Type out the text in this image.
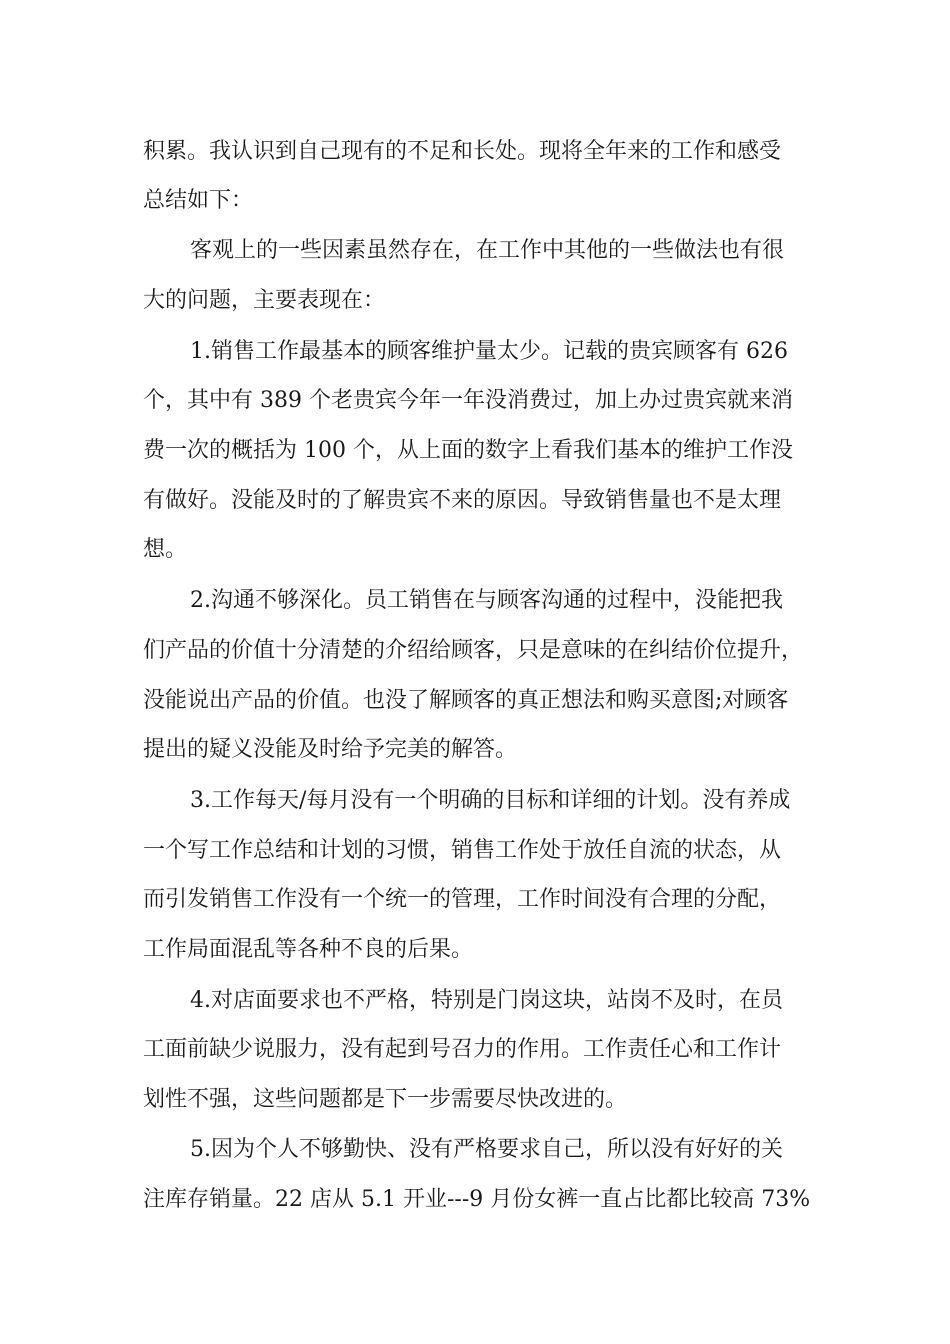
积累。我认识到自己现有的不足和长处。现将全年来的工作和感受
总结如下：
客观上的一些因素虽然存在，在工作中其他的一些做法也有很
大的问题，主要表现在：
1.销售工作最基本的顾客维护量太少。记载的贵宾顾客有 626
个，其中有 389 个老贵宾今年一年没消费过，加上办过贵宾就来消
费一次的概括为 100 个，从上面的数字上看我们基本的维护工作没
有做好。没能及时的了解贵宾不来的原因。导致销售量也不是太理
想。
2.沟通不够深化。员工销售在与顾客沟通的过程中，没能把我
们产品的价值十分清楚的介绍给顾客，只是意味的在纠结价位提升，
没能说出产品的价值。也没了解顾客的真正想法和购买意图;对顾客
提出的疑义没能及时给予完美的解答。
3.工作每天/每月没有一个明确的目标和详细的计划。没有养成
一个写工作总结和计划的习惯，销售工作处于放任自流的状态，从
而引发销售工作没有一个统一的管理，工作时间没有合理的分配，
工作局面混乱等各种不良的后果。
4.对店面要求也不严格，特别是门岗这块，站岗不及时，在员
工面前缺少说服力，没有起到号召力的作用。工作责任心和工作计
划性不强，这些问题都是下一步需要尽快改进的。
5.因为个人不够勤快、没有严格要求自己，所以没有好好的关
注库存销量。22 店从 5.1 开业---9 月份女裤一直占比都比较高 73%
